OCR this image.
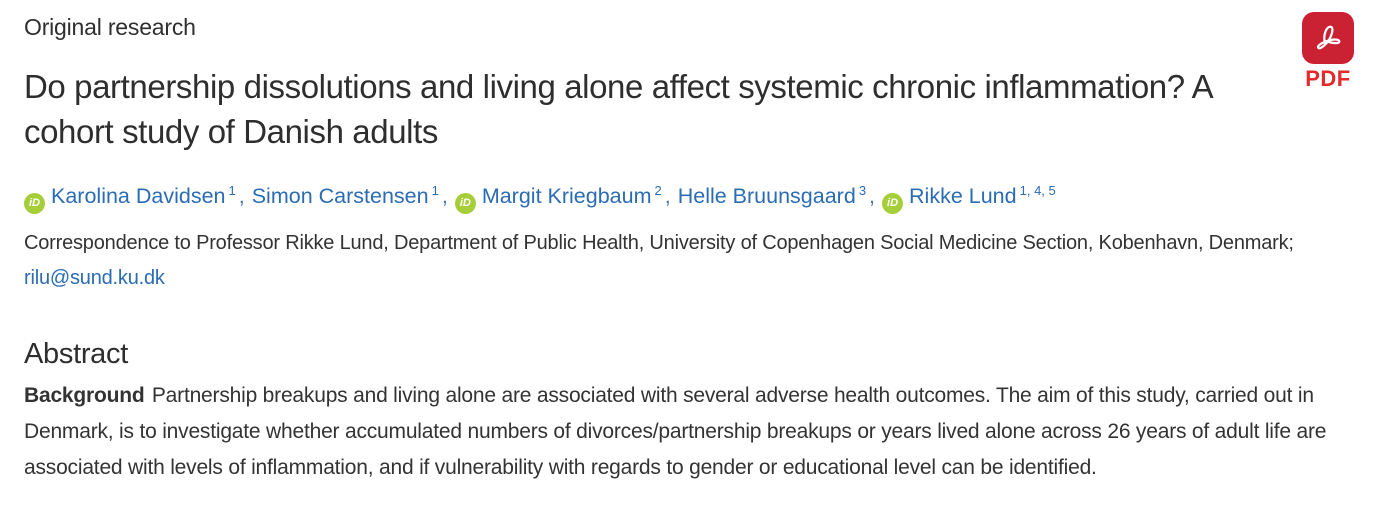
Original research
Do partnership dissolutions and living alone affect systemic chronic inflammation? A cohort study of Danish adults
iD Karolina Davidsen $^1$ , Simon Carstensen $^1$ , iD Margit Kriegbaum $^2$ , Helle Bruunsgaard $^3$ , iD Rikke Lund $^{1, 4, 5}$
Correspondence to Professor Rikke Lund, Department of Public Health, University of Copenhagen Social Medicine Section, Kobenhavn, Denmark; rilu@sund.ku.dk
Abstract

Background Partnership breakups and living alone are associated with several adverse health outcomes. The aim of this study, carried out in Denmark, is to investigate whether accumulated numbers of divorces/partnership breakups or years lived alone across 26 years of adult life are associated with levels of inflammation, and if vulnerability with regards to gender or educational level can be identified.

PDF
